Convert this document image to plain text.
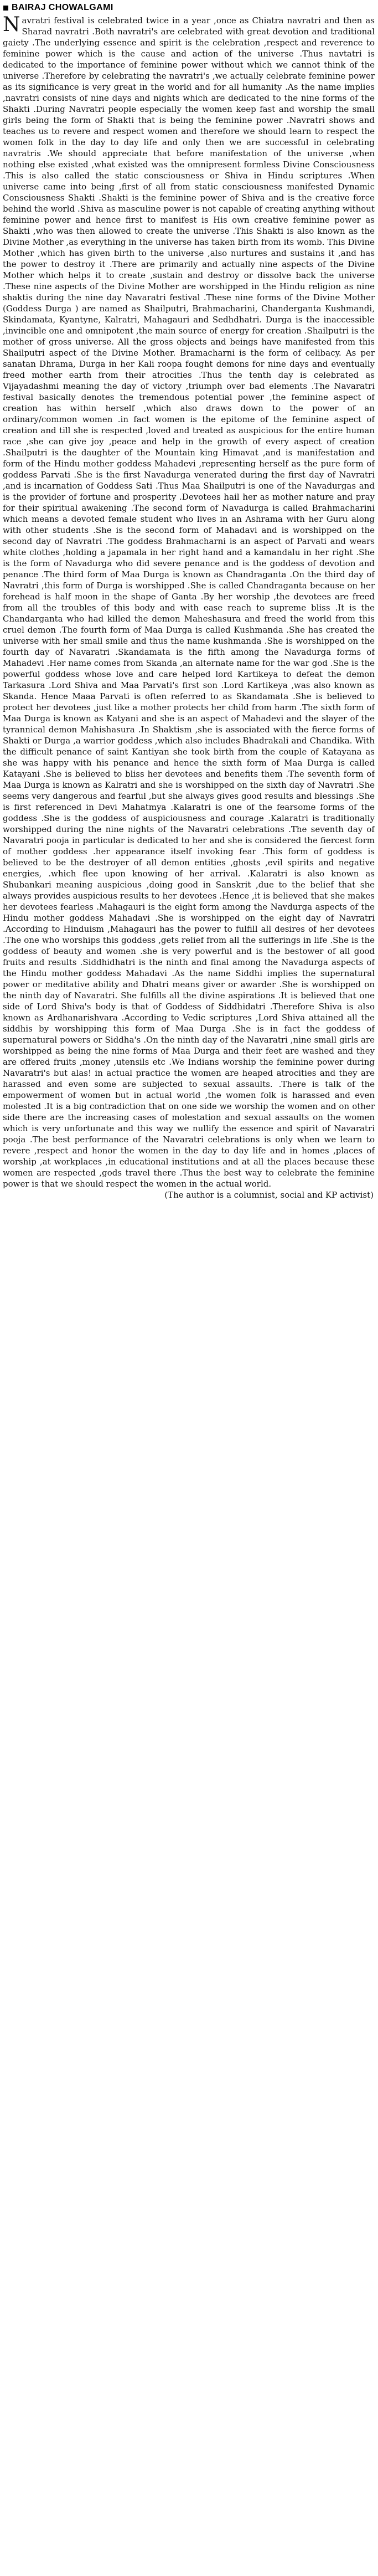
BAIRAJ CHOWALGAMI

Navratri festival is celebrated twice in a year ,once as Chiatra navratri and then as Sharad navratri .Both navratri's are celebrated with great devotion and traditional gaiety .The underlying essence and spirit is the celebration ,respect and reverence to feminine power which is the cause and action of the universe .Thus navtatri is dedicated to the importance of feminine power without which we cannot think of the universe .Therefore by celebrating the navratri's ,we actually celebrate feminine power as its significance is very great in the world and for all humanity .As the name implies ,navratri consists of nine days and nights which are dedicated to the nine forms of the Shakti .During Navratri people especially the women keep fast and worship the small girls being the form of Shakti that is being the feminine power .Navratri shows and teaches us to revere and respect women and therefore we should learn to respect the women folk in the day to day life and only then we are successful in celebrating navratris .We should appreciate that before manifestation of the universe ,when nothing else existed ,what existed was the omnipresent formless Divine Consciousness .This is also called the static consciousness or Shiva in Hindu scriptures .When universe came into being ,first of all from static consciousness manifested Dynamic Consciousness Shakti .Shakti is the feminine power of Shiva and is the creative force behind the world .Shiva as masculine power is not capable of creating anything without feminine power and hence first to manifest is His own creative feminine power as Shakti ,who was then allowed to create the universe .This Shakti is also known as the Divine Mother ,as everything in the universe has taken birth from its womb. This Divine Mother ,which has given birth to the universe ,also nurtures and sustains it ,and has the power to destroy it .There are primarily and actually nine aspects of the Divine Mother which helps it to create ,sustain and destroy or dissolve back the universe .These nine aspects of the Divine Mother are worshipped in the Hindu religion as nine shaktis during the nine day Navaratri festival .These nine forms of the Divine Mother (Goddess Durga ) are named as Shailputri, Brahmacharini, Chanderganta Kushmandi, Skindamata, Kyantyne, Kalratri, Mahagauri and Sedhdhatri. Durga is the inaccessible ,invincible one and omnipotent ,the main source of energy for creation .Shailputri is the mother of gross universe. All the gross objects and beings have manifested from this Shailputri aspect of the Divine Mother. Bramacharni is the form of celibacy. As per sanatan Dhrama, Durga in her Kali roopa fought demons for nine days and eventually freed mother earth from their atrocities .Thus the tenth day is celebrated as Vijayadashmi meaning the day of victory ,triumph over bad elements .The Navaratri festival basically denotes the tremendous potential power ,the feminine aspect of creation has within herself ,which also draws down to the power of an ordinary/common women .in fact women is the epitome of the feminine aspect of creation and till she is respected ,loved and treated as auspicious for the entire human race ,she can give joy ,peace and help in the growth of every aspect of creation .Shailputri is the daughter of the Mountain king Himavat ,and is manifestation and form of the Hindu mother goddess Mahadevi ,representing herself as the pure form of goddess Parvati .She is the first Navadurga venerated during the first day of Navratri ,and is incarnation of Goddess Sati .Thus Maa Shailputri is one of the Navadurgas and is the provider of fortune and prosperity .Devotees hail her as mother nature and pray for their spiritual awakening .The second form of Navadurga is called Brahmacharini which means a devoted female student who lives in an Ashrama with her Guru along with other students .She is the second form of Mahadavi and is worshipped on the second day of Navratri .The goddess Brahmacharni is an aspect of Parvati and wears white clothes ,holding a japamala in her right hand and a kamandalu in her right .She is the form of Navadurga who did severe penance and is the goddess of devotion and penance .The third form of Maa Durga is known as Chandraganta .On the third day of Navratri ,this form of Durga is worshipped .She is called Chandraganta because on her forehead is half moon in the shape of Ganta .By her worship ,the devotees are freed from all the troubles of this body and with ease reach to supreme bliss .It is the Chandarganta who had killed the demon Maheshasura and freed the world from this cruel demon .The fourth form of Maa Durga is called Kushmanda .She has created the universe with her small smile and thus the name kushmanda .She is worshipped on the fourth day of Navaratri .Skandamata is the fifth among the Navadurga forms of Mahadevi .Her name comes from Skanda ,an alternate name for the war god .She is the powerful goddess whose love and care helped lord Kartikeya to defeat the demon Tarkasura .Lord Shiva and Maa Parvati's first son .Lord Kartikeya ,was also known as Skanda. Hence Maaa Parvati is often referred to as Skandamata .She is believed to protect her devotees ,just like a mother protects her child from harm .The sixth form of Maa Durga is known as Katyani and she is an aspect of Mahadevi and the slayer of the tyrannical demon Mahishasura .In Shaktism ,she is associated with the fierce forms of Shakti or Durga ,a warrior goddess ,which also includes Bhadrakali and Chandika. With the difficult penance of saint Kantiyan she took birth from the couple of Katayana as she was happy with his penance and hence the sixth form of Maa Durga is called Katayani .She is believed to bliss her devotees and benefits them .The seventh form of Maa Durga is known as Kalratri and she is worshipped on the sixth day of Navratri .She seems very dangerous and fearful ,but she always gives good results and blessings .She is first referenced in Devi Mahatmya .Kalaratri is one of the fearsome forms of the goddess .She is the goddess of auspiciousness and courage .Kalaratri is traditionally worshipped during the nine nights of the Navaratri celebrations .The seventh day of Navaratri pooja in particular is dedicated to her and she is considered the fiercest form of mother goddess .her appearance itself invoking fear .This form of goddess is believed to be the destroyer of all demon entities ,ghosts ,evil spirits and negative energies, .which flee upon knowing of her arrival. .Kalaratri is also known as Shubankari meaning auspicious ,doing good in Sanskrit ,due to the belief that she always provides auspicious results to her devotees .Hence ,it is believed that she makes her devotees fearless .Mahagauri is the eight form among the Navdurga aspects of the Hindu mother goddess Mahadavi .She is worshipped on the eight day of Navratri .According to Hinduism ,Mahagauri has the power to fulfill all desires of her devotees .The one who worships this goddess ,gets relief from all the sufferings in life .She is the goddess of beauty and women .she is very powerful and is the bestower of all good fruits and results .Siddhidhatri is the ninth and final among the Navadurga aspects of the Hindu mother goddess Mahadavi .As the name Siddhi implies the supernatural power or meditative ability and Dhatri means giver or awarder .She is worshipped on the ninth day of Navaratri. She fulfills all the divine aspirations .It is believed that one side of Lord Shiva's body is that of Goddess of Siddhidatri .Therefore Shiva is also known as Ardhanarishvara .According to Vedic scriptures ,Lord Shiva attained all the siddhis by worshipping this form of Maa Durga .She is in fact the goddess of supernatural powers or Siddha's .On the ninth day of the Navaratri ,nine small girls are worshipped as being the nine forms of Maa Durga and their feet are washed and they are offered fruits ,money ,utensils etc .We Indians worship the feminine power during Navaratri's but alas! in actual practice the women are heaped atrocities and they are harassed and even some are subjected to sexual assaults. .There is talk of the empowerment of women but in actual world ,the women folk is harassed and even molested .It is a big contradiction that on one side we worship the women and on other side there are the increasing cases of molestation and sexual assaults on the women which is very unfortunate and this way we nullify the essence and spirit of Navaratri pooja .The best performance of the Navaratri celebrations is only when we learn to revere ,respect and honor the women in the day to day life and in homes ,places of worship ,at workplaces ,in educational institutions and at all the places because these women are respected ,gods travel there .Thus the best way to celebrate the feminine power is that we should respect the women in the actual world.

(The author is a columnist, social and KP activist)
